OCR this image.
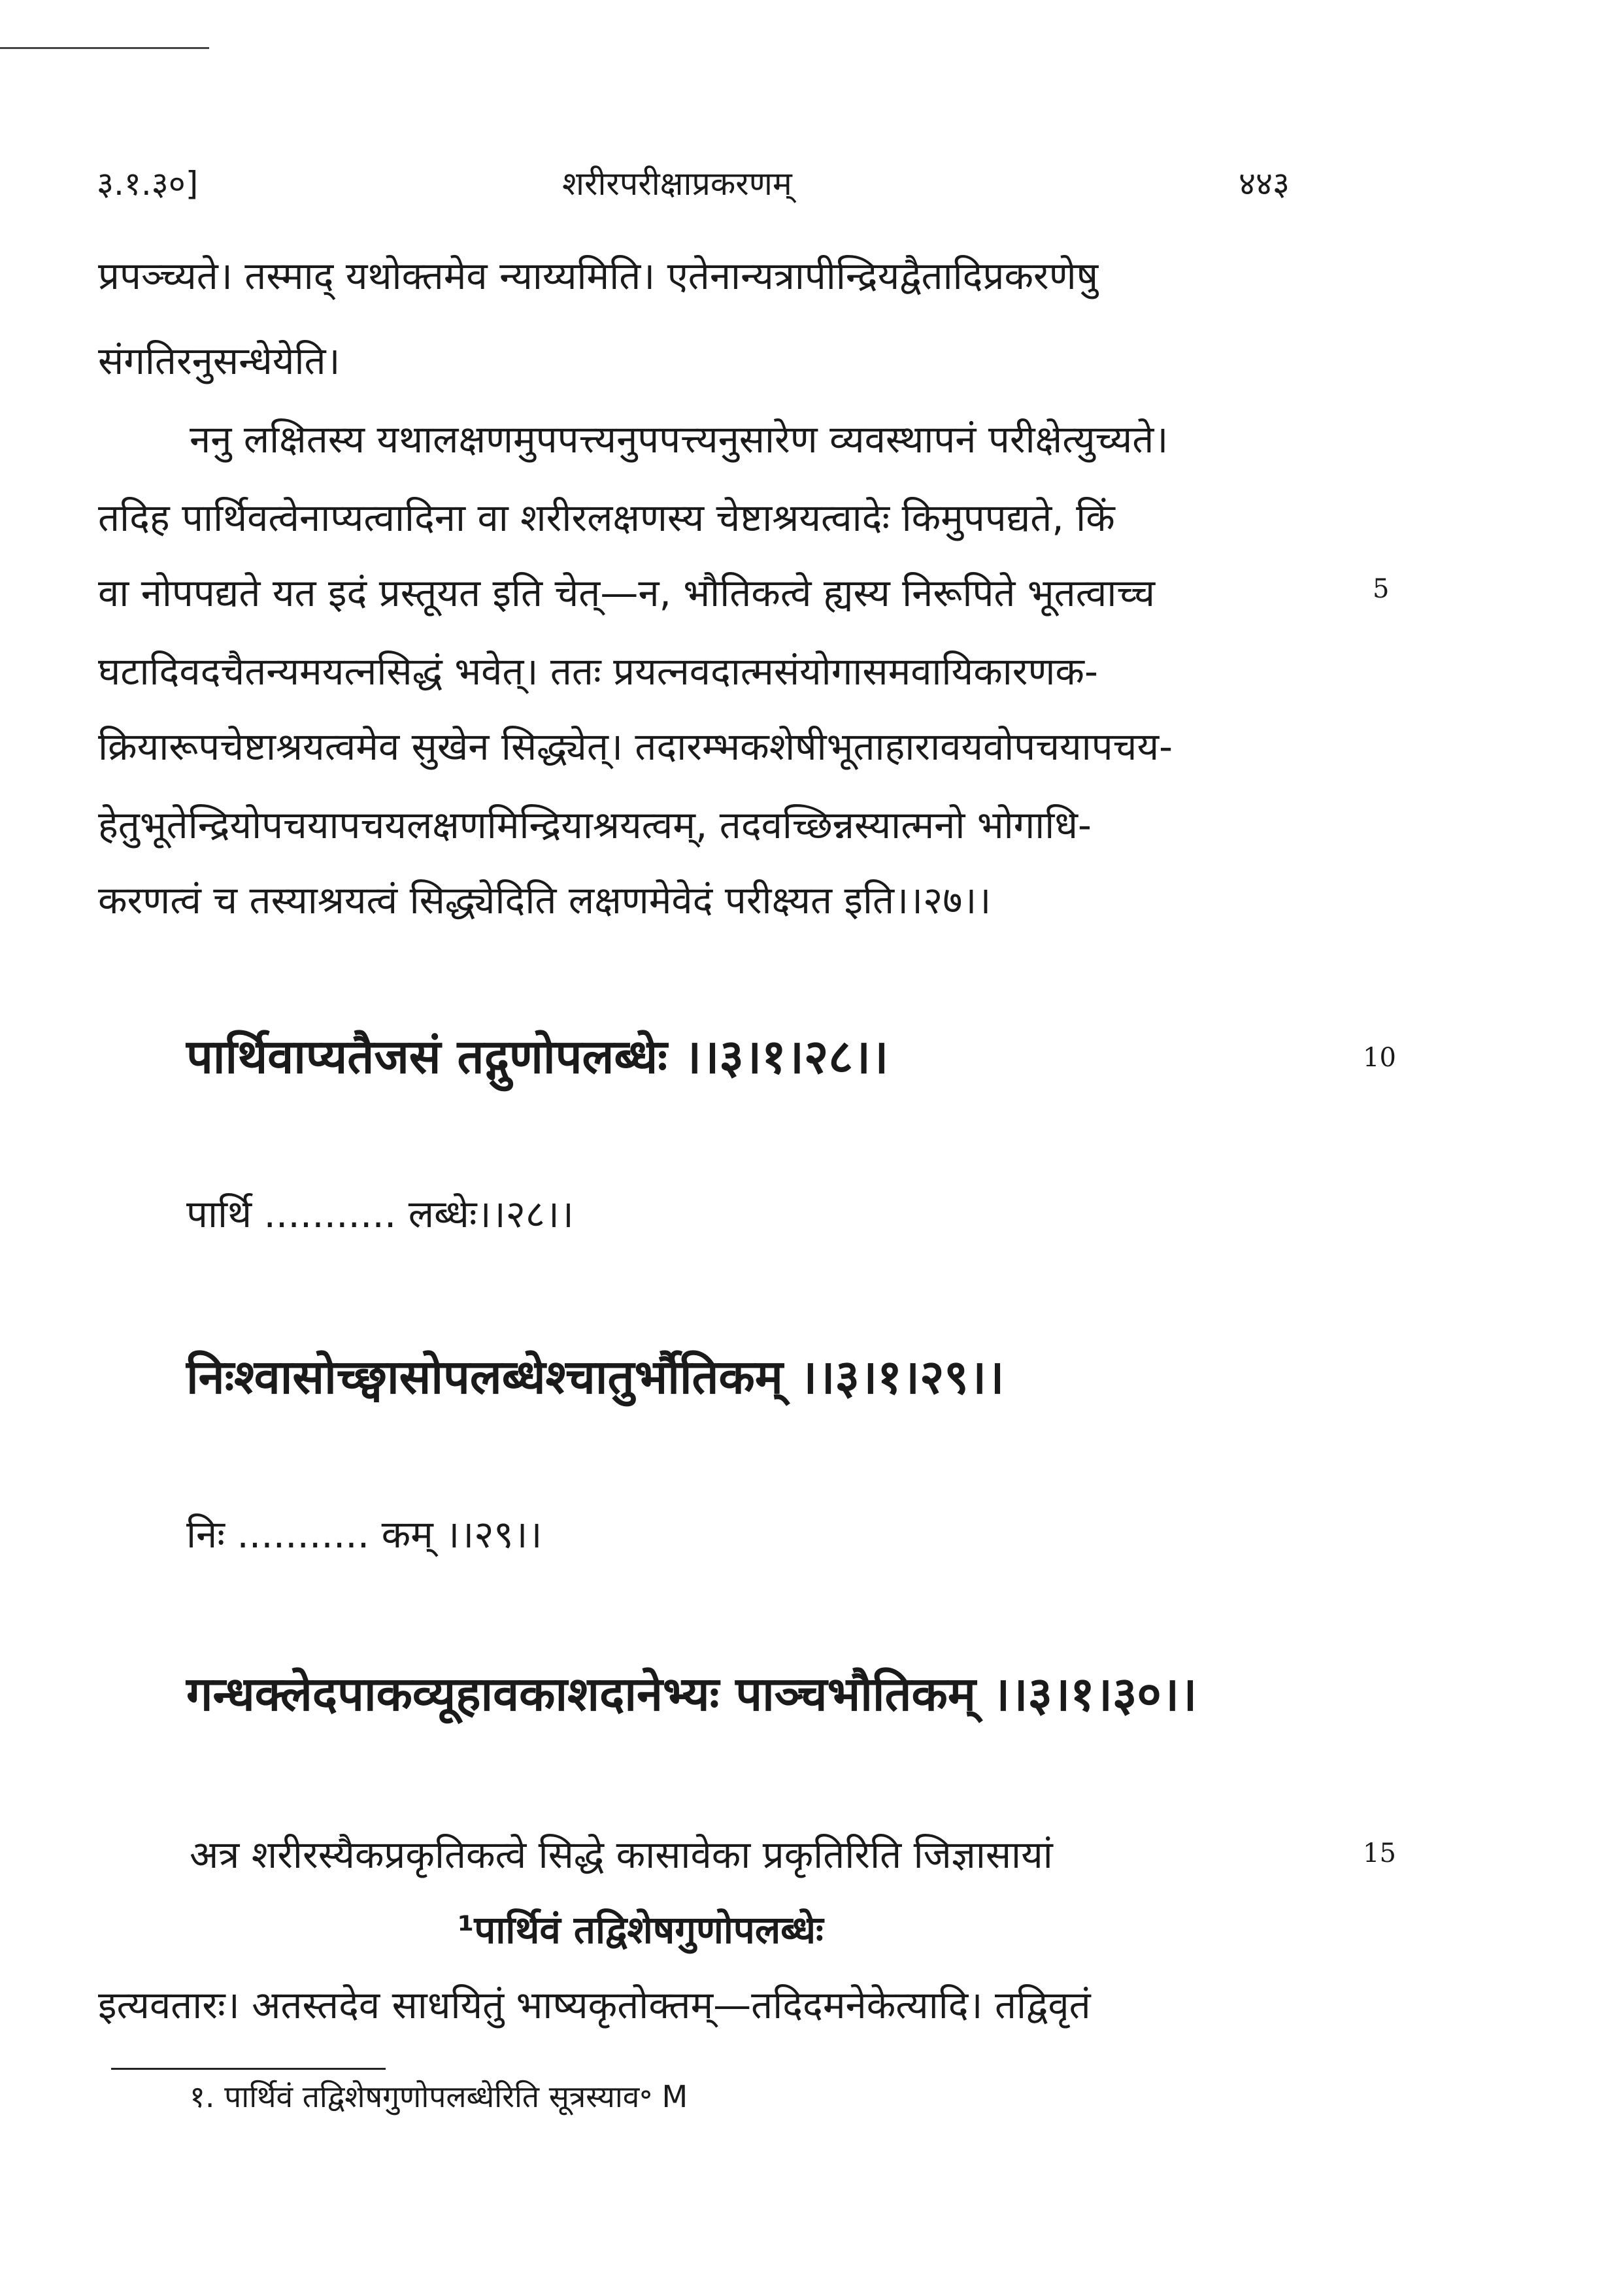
३.१.३०]	शरीरपरीक्षाप्रकरणम्	४४३
प्रपञ्च्यते। तस्माद् यथोक्तमेव न्याय्यमिति। एतेनान्यत्रापीन्द्रियद्वैतादिप्रकरणेषु
संगतिरनुसन्धेयेति।
ननु लक्षितस्य यथालक्षणमुपपत्त्यनुपपत्त्यनुसारेण व्यवस्थापनं परीक्षेत्युच्यते।
तदिह पार्थिवत्वेनाप्यत्वादिना वा शरीरलक्षणस्य चेष्टाश्रयत्वादेः किमुपपद्यते, किं
वा नोपपद्यते यत इदं प्रस्तूयत इति चेत्—न, भौतिकत्वे ह्यस्य निरूपिते भूतत्वाच्च
घटादिवदचैतन्यमयत्नसिद्धं भवेत्। ततः प्रयत्नवदात्मसंयोगासमवायिकारणक-
क्रियारूपचेष्टाश्रयत्वमेव सुखेन सिद्ध्येत्। तदारम्भकशेषीभूताहारावयवोपचयापचय-
हेतुभूतेन्द्रियोपचयापचयलक्षणमिन्द्रियाश्रयत्वम्, तदवच्छिन्नस्यात्मनो भोगाधि-
करणत्वं च तस्याश्रयत्वं सिद्ध्येदिति लक्षणमेवेदं परीक्ष्यत इति।।२७।।
पार्थिवाप्यतैजसं तद्गुणोपलब्धेः ।।३।१।२८।।
पार्थि ........... लब्धेः।।२८।।
निःश्वासोच्छ्वासोपलब्धेश्चातुर्भौतिकम् ।।३।१।२९।।
निः ........... कम् ।।२९।।
गन्धक्लेदपाकव्यूहावकाशदानेभ्यः पाञ्चभौतिकम् ।।३।१।३०।।
अत्र शरीरस्यैकप्रकृतिकत्वे सिद्धे कासावेका प्रकृतिरिति जिज्ञासायां
¹पार्थिवं तद्विशेषगुणोपलब्धेः
इत्यवतारः। अतस्तदेव साधयितुं भाष्यकृतोक्तम्—तदिदमनेकेत्यादि। तद्विवृतं
5
10
15
१. पार्थिवं तद्विशेषगुणोपलब्धेरिति सूत्रस्याव॰ M
